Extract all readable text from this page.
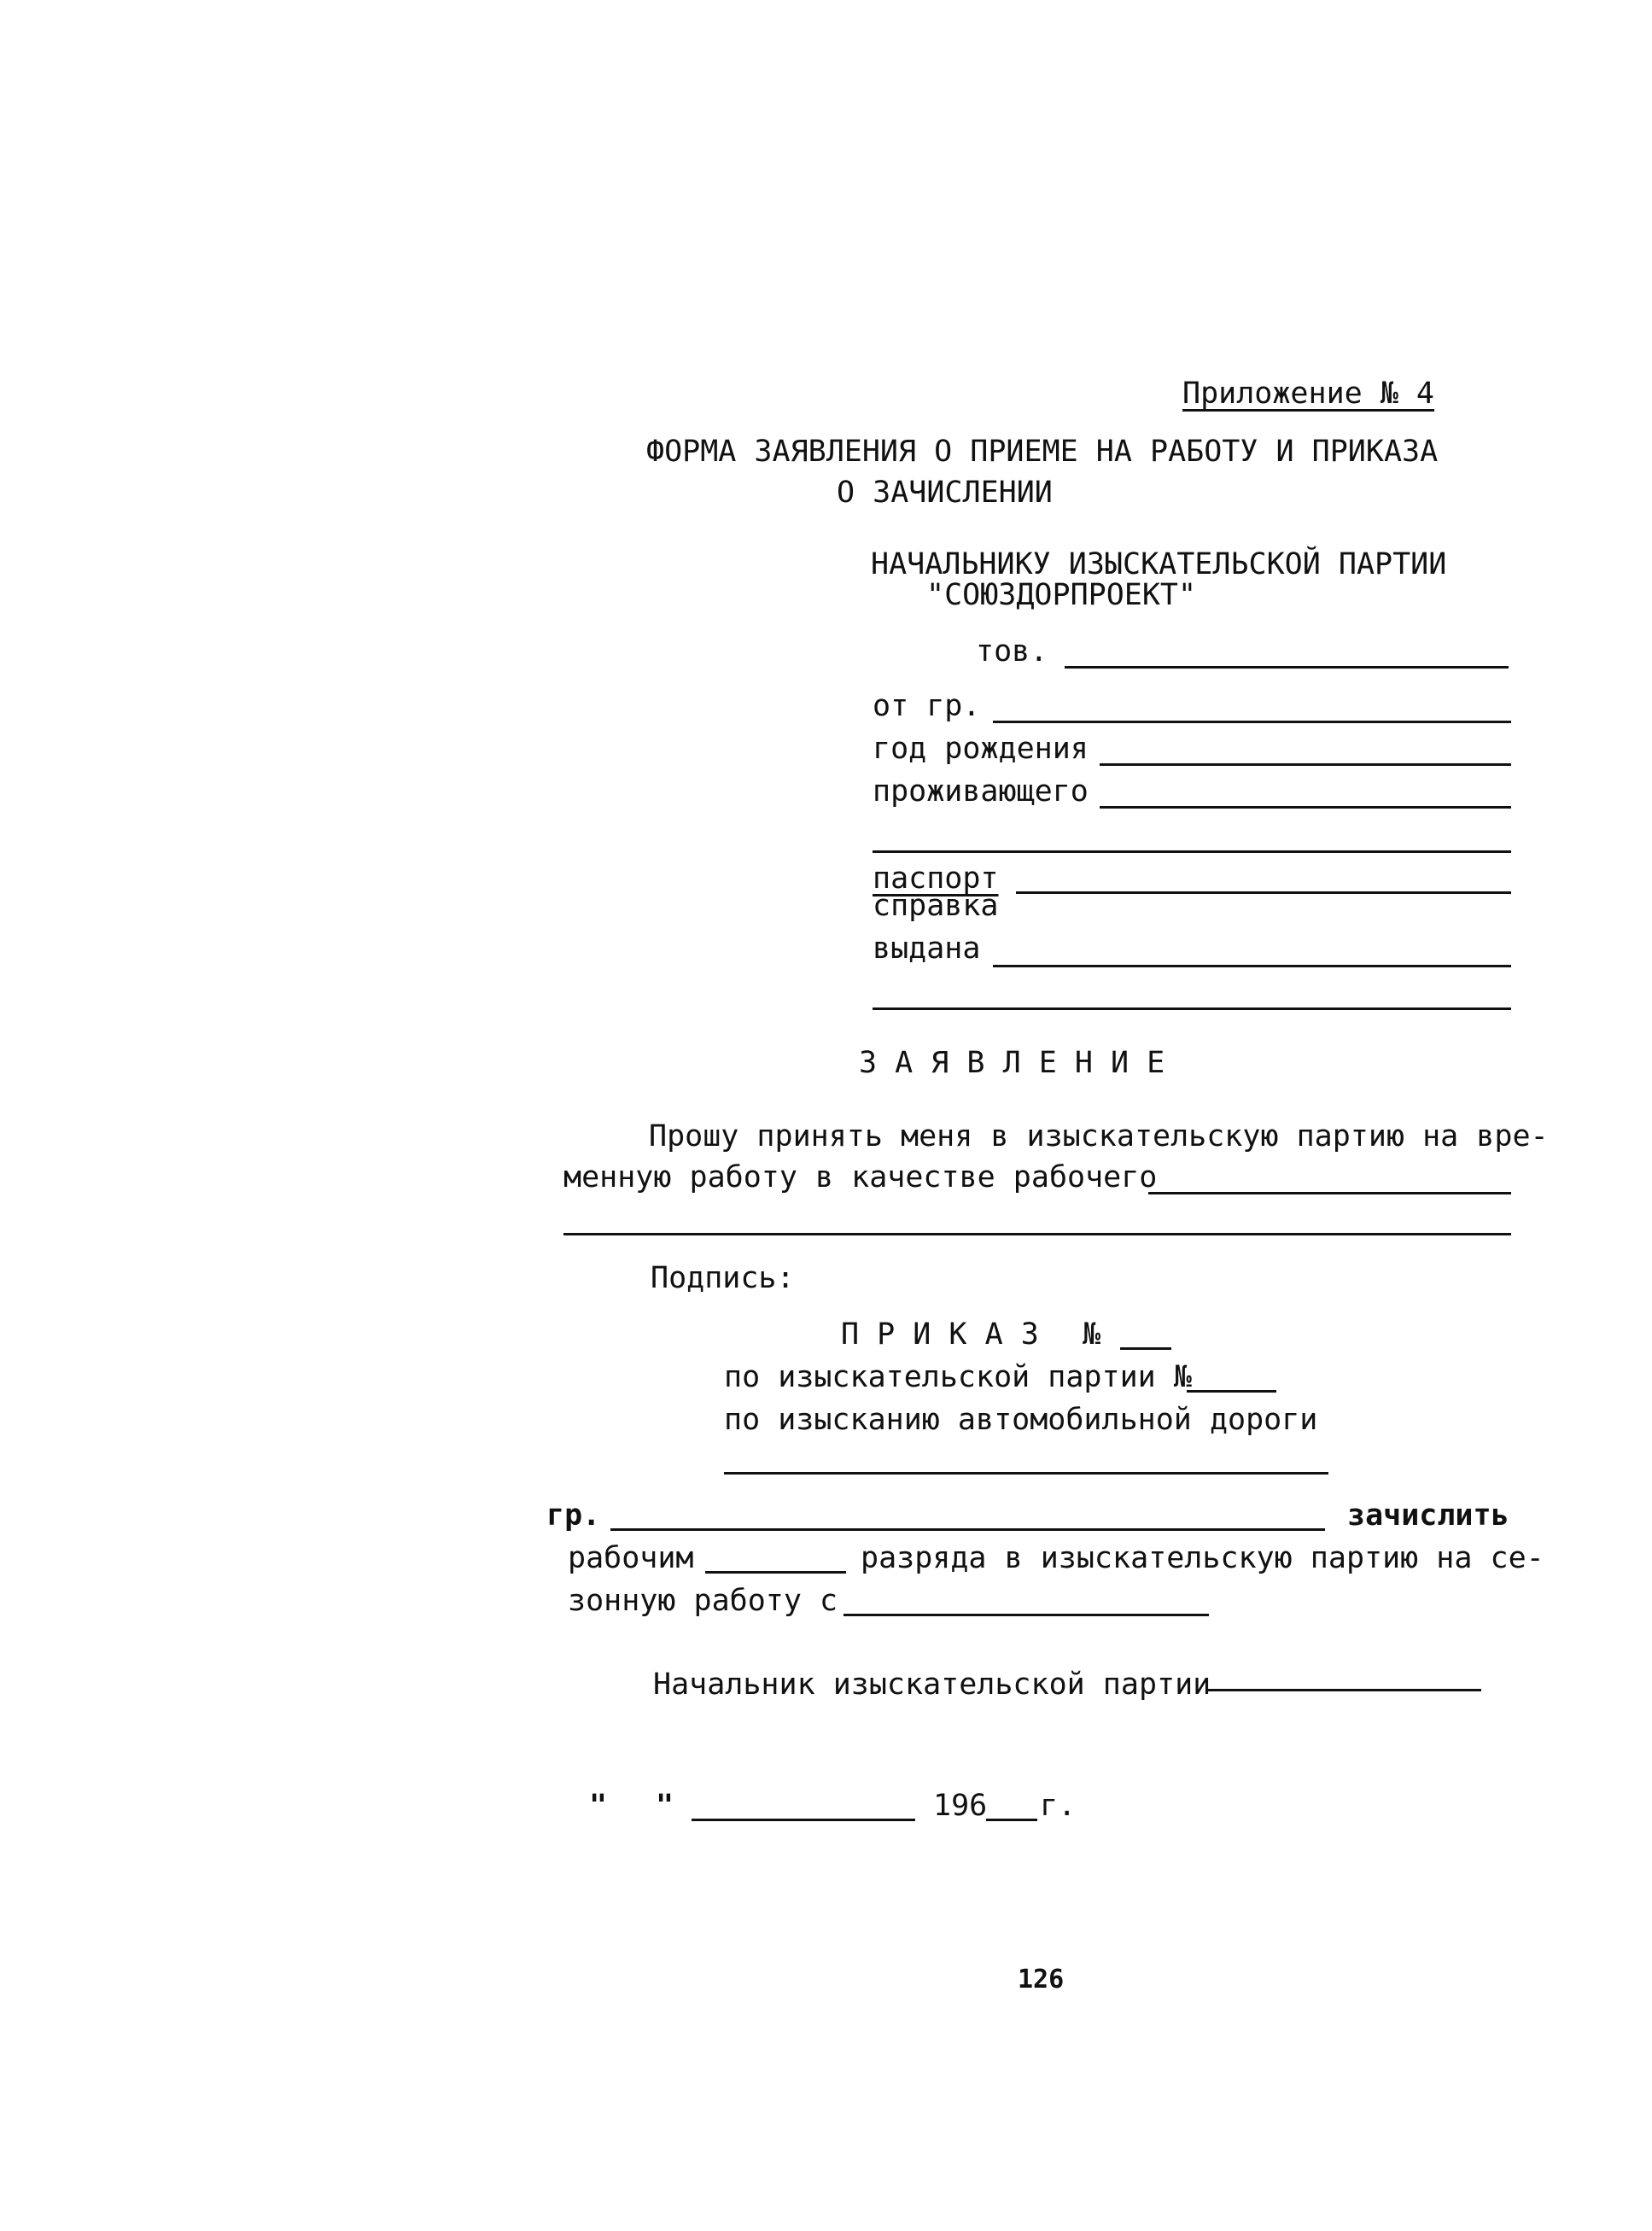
Приложение № 4
ФОРМА ЗАЯВЛЕНИЯ О ПРИЕМЕ НА РАБОТУ И ПРИКАЗА
О ЗАЧИСЛЕНИИ
НАЧАЛЬНИКУ ИЗЫСКАТЕЛЬСКОЙ ПАРТИИ
"СОЮЗДОРПРОЕКТ"
тов.
от гр.
год рождения
проживающего
паспорт
справка
выдана
З А Я В Л Е Н И Е
Прошу принять меня в изыскательскую партию на вре-
менную работу в качестве рабочего
Подпись:
П Р И К А З №
по изыскательской партии №
по изысканию автомобильной дороги
гр.	зачислить
рабочим	разряда в изыскательскую партию на се-
зонную работу с
Начальник изыскательской партии
" "	196 г.
126
